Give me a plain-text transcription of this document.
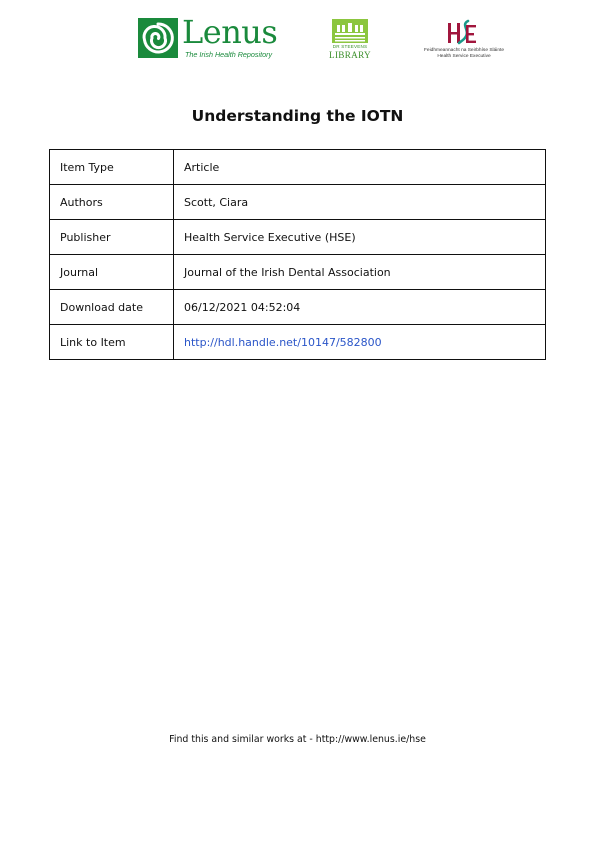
Lenus
The Irish Health Repository
DR STEEVENS
LIBRARY	Feidhmeannacht na Seirbhíse Sláinte
Health Service Executive
Understanding the IOTN
Item Type	Article
Authors	Scott, Ciara
Publisher	Health Service Executive (HSE)
Journal	Journal of the Irish Dental Association
Download date	06/12/2021 04:52:04
Link to Item	http://hdl.handle.net/10147/582800
Find this and similar works at - http://www.lenus.ie/hse
